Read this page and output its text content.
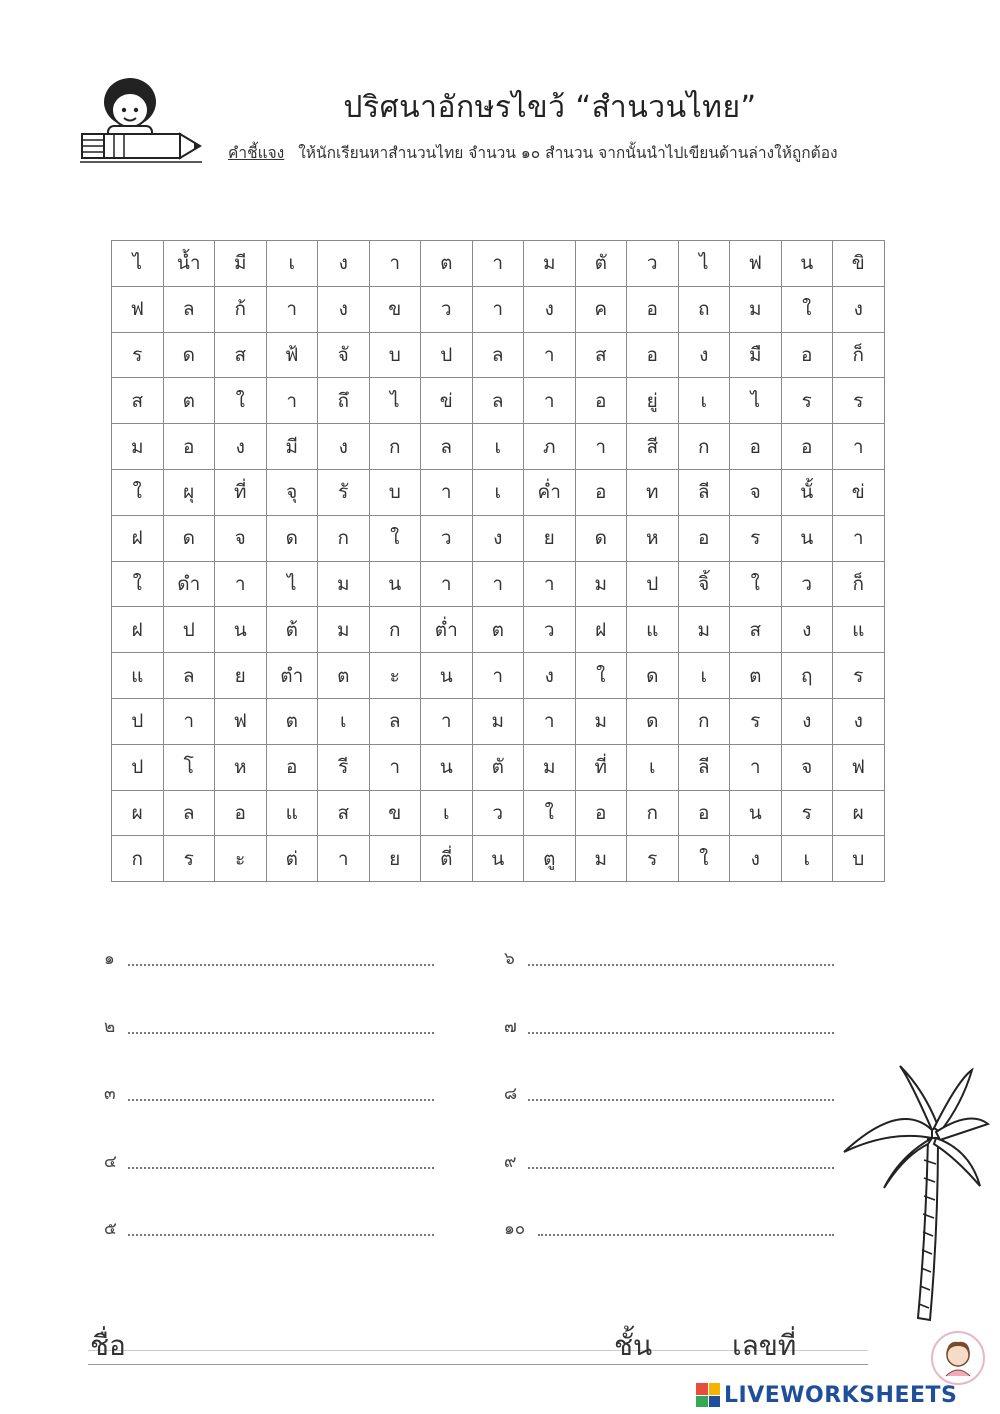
ปริศนาอักษรไขว้ “สำนวนไทย”
คำชี้แจง ให้นักเรียนหาสำนวนไทย จำนวน ๑๐ สำนวน จากนั้นนำไปเขียนด้านล่างให้ถูกต้อง
ไ	น้ำ	มี	เ	ง	า	ต	า	ม	ตั	ว	ไ	ฟ	น	ขิ
ฟ	ล	ก้	า	ง	ข	ว	า	ง	ค	อ	ถ	ม	ใ	ง
ร	ด	ส	ฟ้	จั	บ	ป	ล	า	ส	อ	ง	มื	อ	ก็
ส	ต	ใ	า	ถึ	ไ	ข่	ล	า	อ	ยู่	เ	ไ	ร	ร
ม	อ	ง	มี	ง	ก	ล	เ	ภ	า	สี	ก	อ	อ	า
ใ	ผุ	ที่	จุ	รั	บ	า	เ	ค่ำ	อ	ท	ลี	จ	นั้	ข่
ฝ	ด	จ	ด	ก	ใ	ว	ง	ย	ด	ห	อ	ร	น	า
ใ	ดำ	า	ไ	ม	น	า	า	า	ม	ป	จิ้	ใ	ว	ก็
ฝ	ป	น	ต้	ม	ก	ต่ำ	ต	ว	ฝ	แ	ม	ส	ง	แ
แ	ล	ย	ตำ	ต	ะ	น	า	ง	ใ	ด	เ	ต	ฤ	ร
ป	า	ฟ	ต	เ	ล	า	ม	า	ม	ด	ก	ร	ง	ง
ป	โ	ห	อ	รี	า	น	ตั	ม	ที่	เ	ลี	า	จ	ฟ
ผ	ล	อ	แ	ส	ข	เ	ว	ใ	อ	ก	อ	น	ร	ผ
ก	ร	ะ	ต่	า	ย	ตี่	น	ตู	ม	ร	ใ	ง	เ	บ
๑
๒
๓
๔
๕
๖
๗
๘
๙
๑๐
ชื่อ	ชั้น	เลขที่
LIVEWORKSHEETS
